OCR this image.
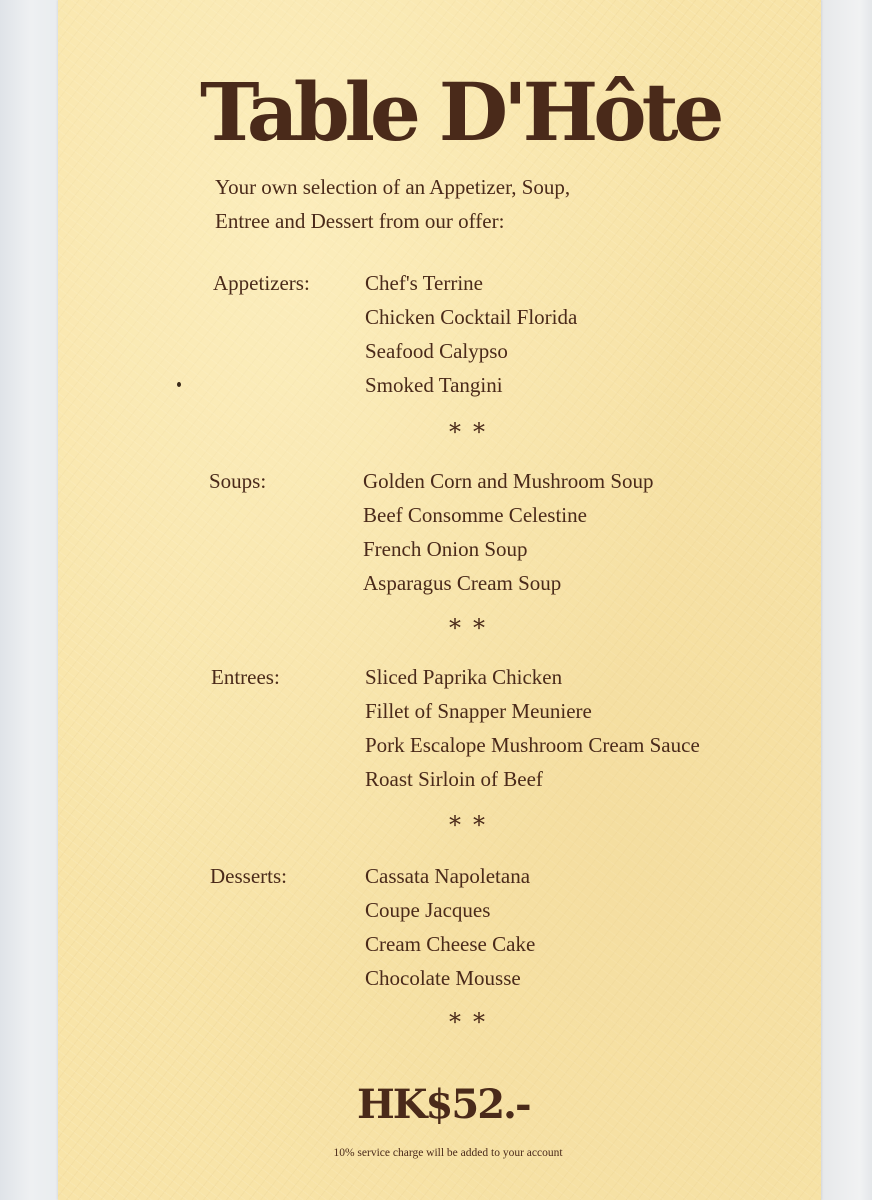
Table D'Hôte
Your own selection of an Appetizer, Soup,
Entree and Dessert from our offer:
Appetizers:	Chef's Terrine
Chicken Cocktail Florida
Seafood Calypso
Smoked Tangini
**
Soups:	Golden Corn and Mushroom Soup
Beef Consomme Celestine
French Onion Soup
Asparagus Cream Soup
**
Entrees:	Sliced Paprika Chicken
Fillet of Snapper Meuniere
Pork Escalope Mushroom Cream Sauce
Roast Sirloin of Beef
**
Desserts:	Cassata Napoletana
Coupe Jacques
Cream Cheese Cake
Chocolate Mousse
**
HK$52.-
10% service charge will be added to your account
